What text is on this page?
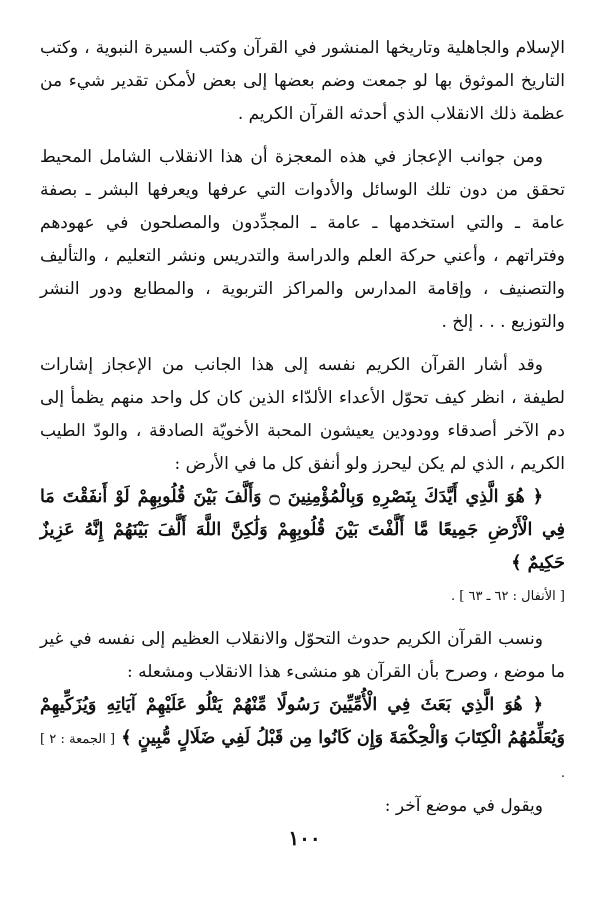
الإسلام والجاهلية وتاريخها المنشور في القرآن وكتب السيرة النبوية ، وكتب التاريخ الموثوق بها لو جمعت وضم بعضها إلى بعض لأمكن تقدير شيء من عظمة ذلك الانقلاب الذي أحدثه القرآن الكريم .

ومن جوانب الإعجاز في هذه المعجزة أن هذا الانقلاب الشامل المحيط تحقق من دون تلك الوسائل والأدوات التي عرفها ويعرفها البشر ـ بصفة عامة ـ والتي استخدمها ـ عامة ـ المجدِّدون والمصلحون في عهودهم وفتراتهم ، وأعني حركة العلم والدراسة والتدريس ونشر التعليم ، والتأليف والتصنيف ، وإقامة المدارس والمراكز التربوية ، والمطابع ودور النشر والتوزيع . . . إلخ .

وقد أشار القرآن الكريم نفسه إلى هذا الجانب من الإعجاز إشارات لطيفة ، انظر كيف تحوّل الأعداء الألدّاء الذين كان كل واحد منهم يظمأ إلى دم الآخر أصدقاء وودودين يعيشون المحبة الأخويّة الصادقة ، والودّ الطيب الكريم ، الذي لم يكن ليحرز ولو أنفق كل ما في الأرض :

﴿ هُوَ الَّذِي أَيَّدَكَ بِنَصْرِهِ وَبِالْمُؤْمِنِينَ ۝ وَأَلَّفَ بَيْنَ قُلُوبِهِمْ لَوْ أَنفَقْتَ مَا فِي الْأَرْضِ جَمِيعًا مَّا أَلَّفْتَ بَيْنَ قُلُوبِهِمْ وَلَٰكِنَّ اللَّهَ أَلَّفَ بَيْنَهُمْ إِنَّهُ عَزِيزٌ حَكِيمٌ ﴾

[ الأنفال : ٦٢ ـ ٦٣ ] .

ونسب القرآن الكريم حدوث التحوّل والانقلاب العظيم إلى نفسه في غير ما موضع ، وصرح بأن القرآن هو منشىء هذا الانقلاب ومشعله :

﴿ هُوَ الَّذِي بَعَثَ فِي الْأُمِّيِّينَ رَسُولًا مِّنْهُمْ يَتْلُو عَلَيْهِمْ آيَاتِهِ وَيُزَكِّيهِمْ وَيُعَلِّمُهُمُ الْكِتَابَ وَالْحِكْمَةَ وَإِن كَانُوا مِن قَبْلُ لَفِي ضَلَالٍ مُّبِينٍ ﴾ [ الجمعة : ٢ ] .

ويقول في موضع آخر :

١٠٠
